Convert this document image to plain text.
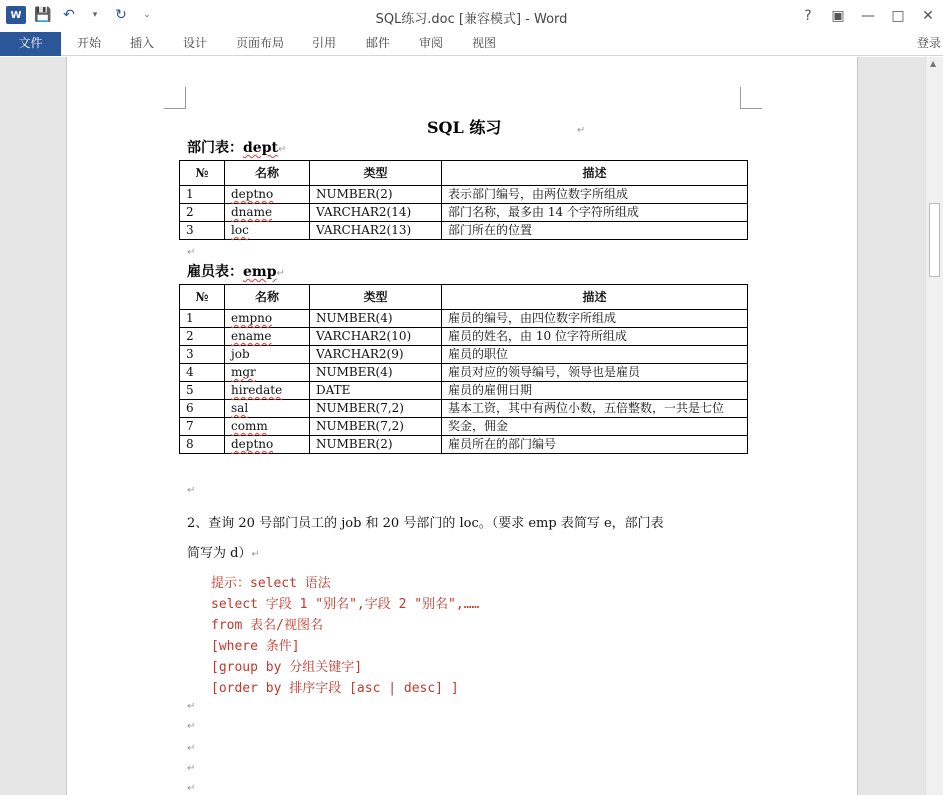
W 💾 ↶	▾	↻	⌄	SQL练习.doc [兼容模式] - Word	?	▣	—	□	✕
文件	开始	插入	设计	页面布局	引用	邮件	审阅	视图	登录
SQL 练习	↵
部门表：dept↵
№	名称	类型	描述
1	deptno	NUMBER(2)	表示部门编号，由两位数字所组成
2	dname	VARCHAR2(14)	部门名称，最多由 14 个字符所组成
3	loc	VARCHAR2(13)	部门所在的位置
↵
雇员表：emp↵
№	名称	类型	描述
1	empno	NUMBER(4)	雇员的编号，由四位数字所组成
2	ename	VARCHAR2(10)	雇员的姓名，由 10 位字符所组成
3	job	VARCHAR2(9)	雇员的职位
4	mgr	NUMBER(4)	雇员对应的领导编号，领导也是雇员
5	hiredate	DATE	雇员的雇佣日期
6	sal	NUMBER(7,2)	基本工资，其中有两位小数，五倍整数，一共是七位
7	comm	NUMBER(7,2)	奖金，佣金
8	deptno	NUMBER(2)	雇员所在的部门编号
↵
2、查询 20 号部门员工的 job 和 20 号部门的 loc。（要求 emp 表简写 e，部门表
简写为 d）↵
提示：select 语法
select 字段 1 "别名",字段 2 "别名",……
from 表名/视图名
[where 条件]
[group by 分组关键字]
[order by 排序字段 [asc | desc] ]
↵
↵
↵
↵
↵
▲
